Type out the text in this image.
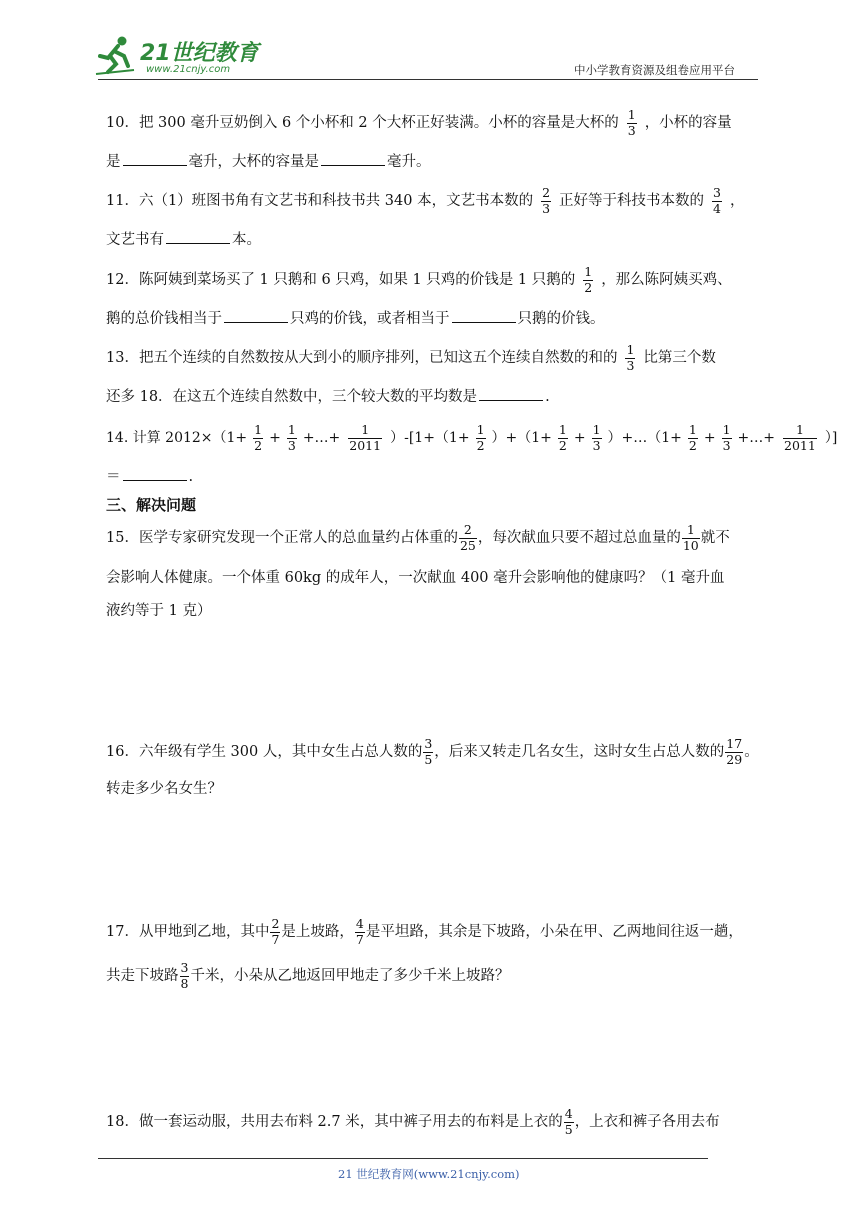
21世纪教育
www.21cnjy.com	中小学教育资源及组卷应用平台
10．把 300 毫升豆奶倒入 6 个小杯和 2 个大杯正好装满。小杯的容量是大杯的 $\frac{1}{3}$ ，小杯的容量
是	毫升，大杯的容量是	毫升。
11．六（1）班图书角有文艺书和科技书共 340 本，文艺书本数的 $\frac{2}{3}$ 正好等于科技书本数的 $\frac{3}{4}$ ，
文艺书有	本。
12．陈阿姨到菜场买了 1 只鹅和 6 只鸡，如果 1 只鸡的价钱是 1 只鹅的 $\frac{1}{2}$ ，那么陈阿姨买鸡、
鹅的总价钱相当于	只鸡的价钱，或者相当于	只鹅的价钱。
13．把五个连续的自然数按从大到小的顺序排列，已知这五个连续自然数的和的 $\frac{1}{3}$ 比第三个数
还多 18．在这五个连续自然数中，三个较大数的平均数是	.
14. 计算 $2012\times(1+ \frac{1}{2} + \frac{1}{3}$ +…+ $\frac{1}{2011} )-[1+(1+ \frac{1}{2} )+(1+ \frac{1}{2} + \frac{1}{3}$ ）+…（1+ $\frac{1}{2} + \frac{1}{3}$ +…+ $\frac{1}{2011}$ ）]
＝	.
三、解决问题
15．医学专家研究发现一个正常人的总血量约占体重的 $\frac{2}{25}$ ，每次献血只要不超过总血量的 $\frac{1}{10}$ 就不
会影响人体健康。一个体重 60kg 的成年人，一次献血 400 毫升会影响他的健康吗？（1 毫升血
液约等于 1 克）
16．六年级有学生 300 人，其中女生占总人数的 $\frac{3}{5}$ ，后来又转走几名女生，这时女生占总人数的 $\frac{17}{29}$ 。
转走多少名女生？
17．从甲地到乙地，其中 $\frac{2}{7}$ 是上坡路， $\frac{4}{7}$ 是平坦路，其余是下坡路，小朵在甲、乙两地间往返一趟，
共走下坡路 $\frac{3}{8}$ 千米，小朵从乙地返回甲地走了多少千米上坡路？
18．做一套运动服，共用去布料 2.7 米，其中裤子用去的布料是上衣的 $\frac{4}{5}$ ，上衣和裤子各用去布
21 世纪教育网(www.21cnjy.com)
